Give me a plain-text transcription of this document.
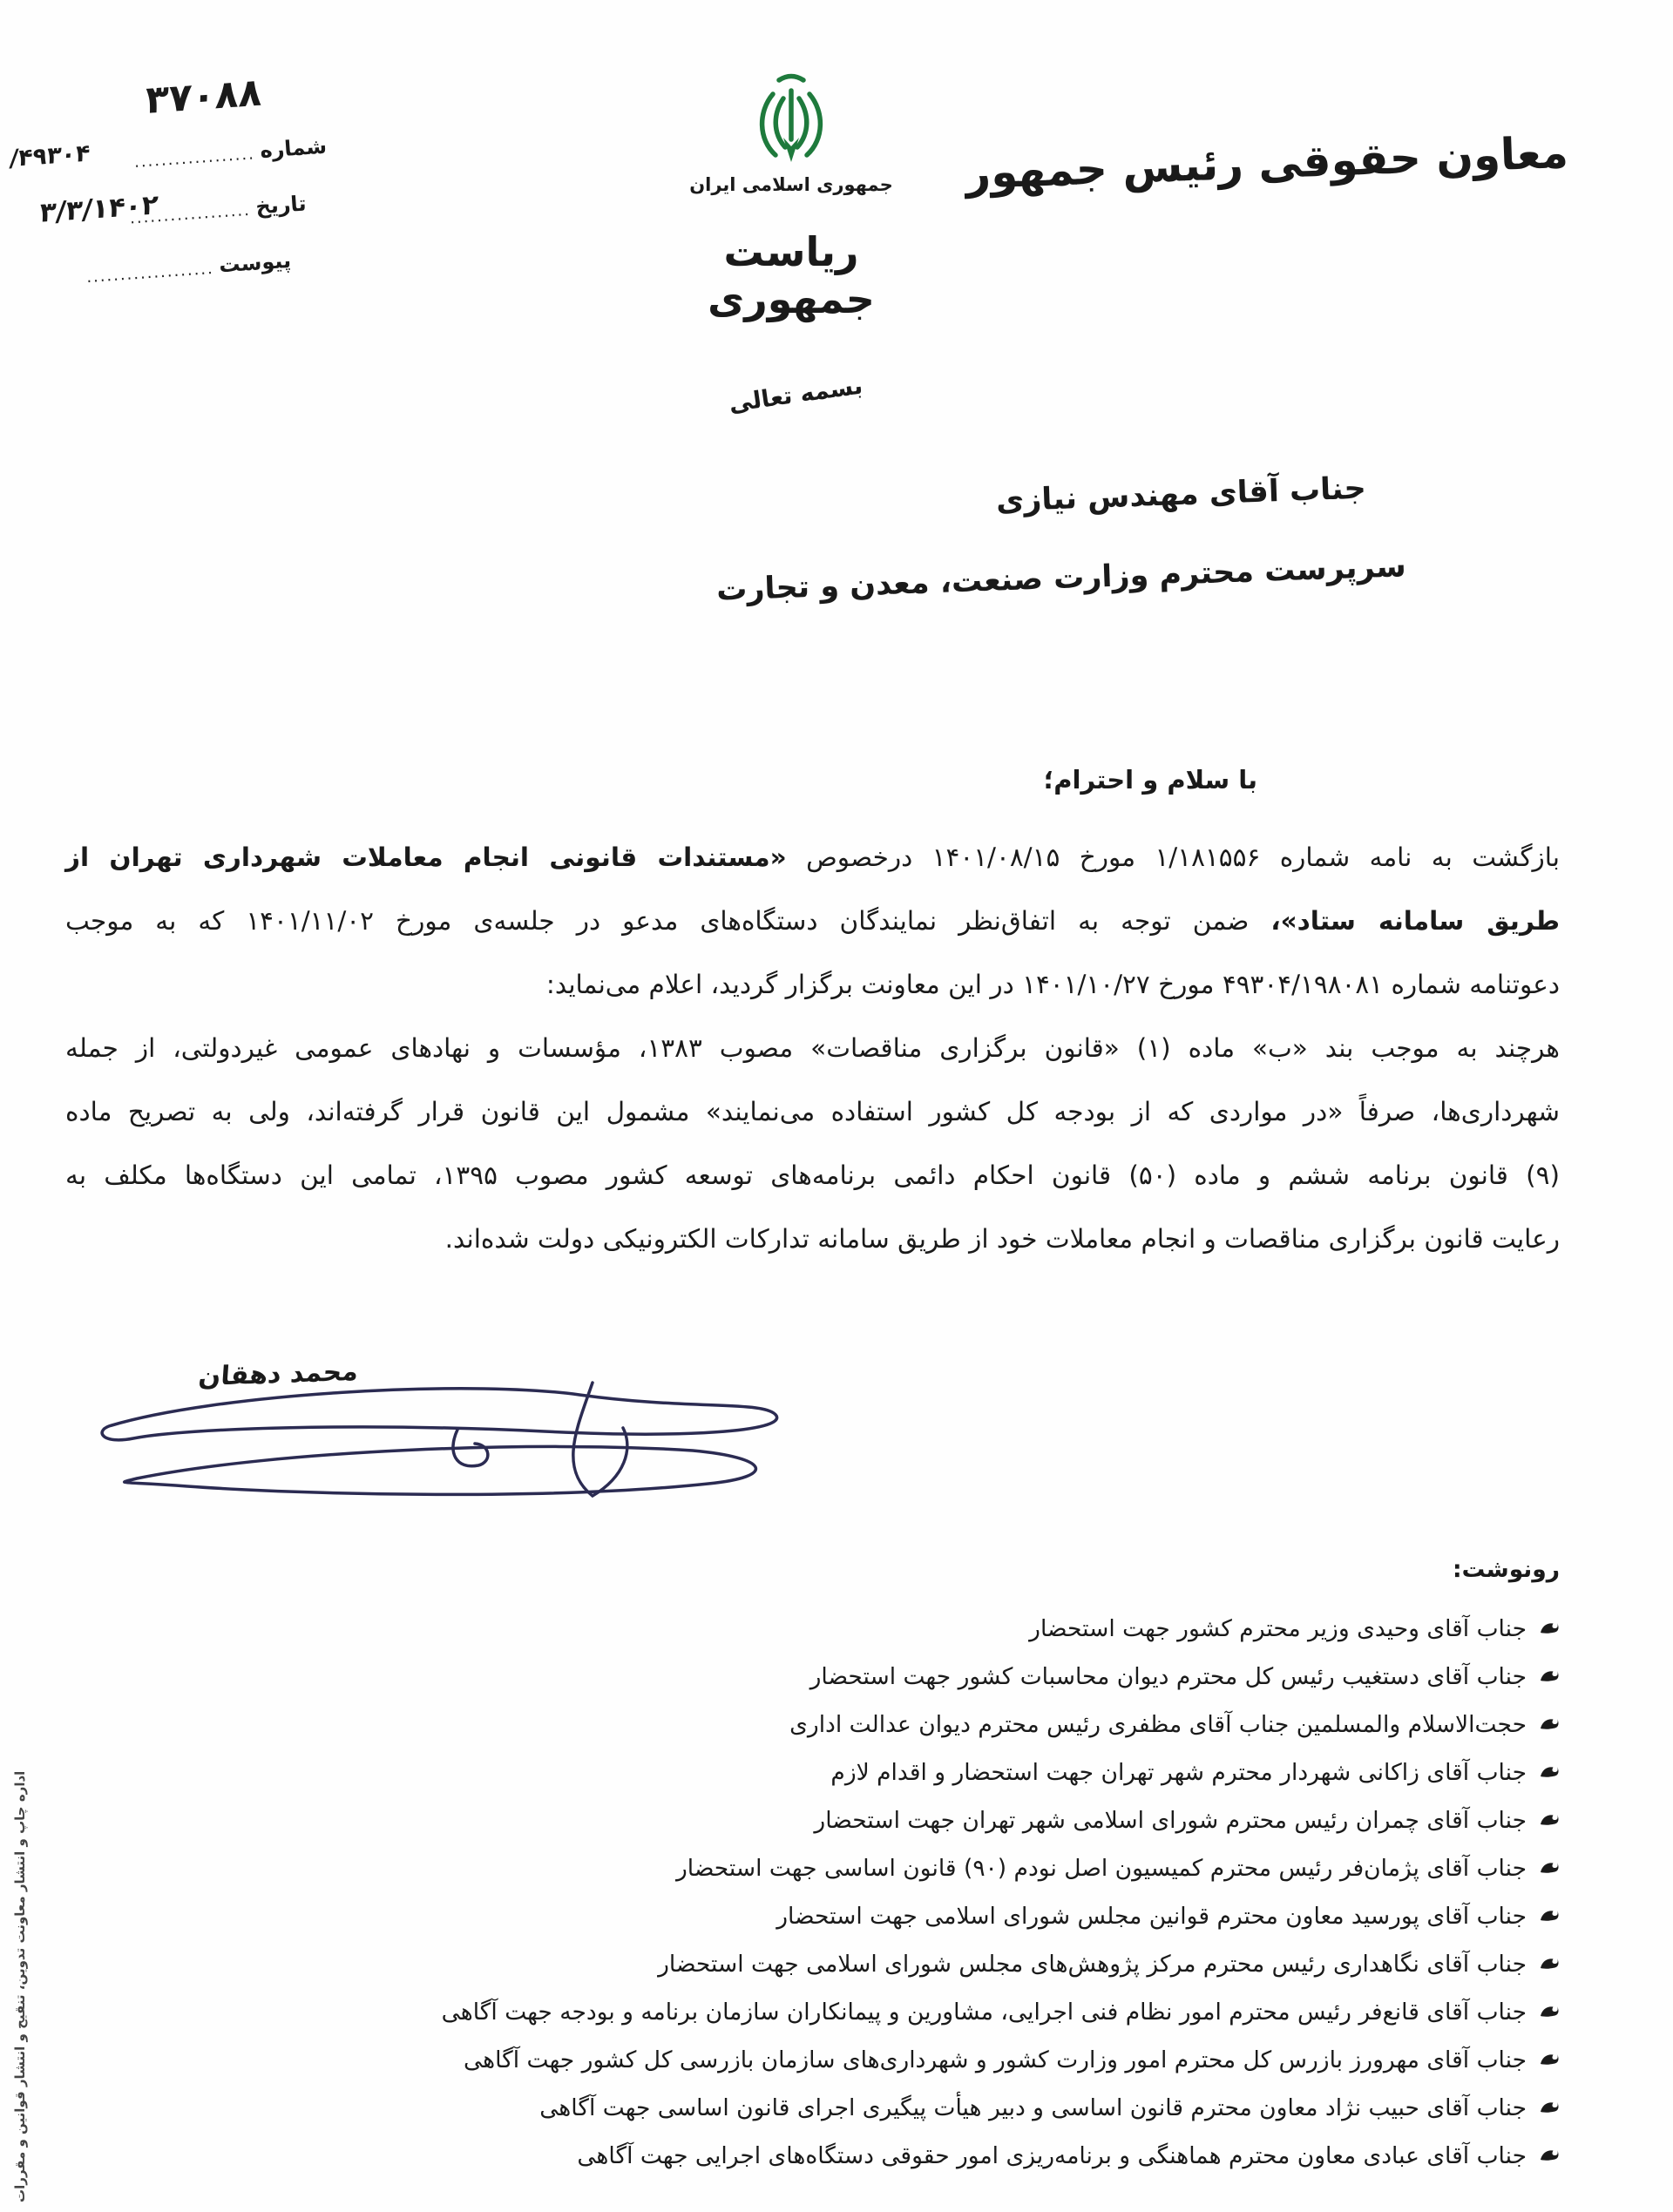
۳۷۰۸۸
شماره
..................
۴۹۳۰۴/
تاریخ
..................
۳/۳/۱۴۰۲
پیوست
...................
جمهوری اسلامی ایران
ریاست جمهوری
معاون حقوقی رئیس جمهور
بسمه تعالی
جناب آقای مهندس نیازی
سرپرست محترم وزارت صنعت، معدن و تجارت
با سلام و احترام؛
بازگشت به نامه شماره ۱/۱۸۱۵۵۶ مورخ ۱۴۰۱/۰۸/۱۵ درخصوص «مستندات قانونی انجام معاملات شهرداری تهران از
طریق سامانه ستاد»، ضمن توجه به اتفاق‌نظر نمایندگان دستگاه‌های مدعو در جلسه‌ی مورخ ۱۴۰۱/۱۱/۰۲ که به موجب
دعوتنامه شماره ۴۹۳۰۴/۱۹۸۰۸۱ مورخ ۱۴۰۱/۱۰/۲۷ در این معاونت برگزار گردید، اعلام می‌نماید:
هرچند به موجب بند «ب» ماده (۱) «قانون برگزاری مناقصات» مصوب ۱۳۸۳، مؤسسات و نهادهای عمومی غیردولتی، از جمله
شهرداری‌ها، صرفاً «در مواردی که از بودجه کل کشور استفاده می‌نمایند» مشمول این قانون قرار گرفته‌اند، ولی به تصریح ماده
(۹) قانون برنامه ششم و ماده (۵۰) قانون احکام دائمی برنامه‌های توسعه کشور مصوب ۱۳۹۵، تمامی این دستگاه‌ها مکلف به
رعایت قانون برگزاری مناقصات و انجام معاملات خود از طریق سامانه تدارکات الکترونیکی دولت شده‌اند.
محمد دهقان
رونوشت:
جناب آقای وحیدی وزیر محترم کشور جهت استحضار
جناب آقای دستغیب رئیس کل محترم دیوان محاسبات کشور جهت استحضار
حجت‌الاسلام والمسلمین جناب آقای مظفری رئیس محترم دیوان عدالت اداری
جناب آقای زاکانی شهردار محترم شهر تهران جهت استحضار و اقدام لازم
جناب آقای چمران رئیس محترم شورای اسلامی شهر تهران جهت استحضار
جناب آقای پژمان‌فر رئیس محترم کمیسیون اصل نودم (۹۰) قانون اساسی جهت استحضار
جناب آقای پورسید معاون محترم قوانین مجلس شورای اسلامی جهت استحضار
جناب آقای نگاهداری رئیس محترم مرکز پژوهش‌های مجلس شورای اسلامی جهت استحضار
جناب آقای قانع‌فر رئیس محترم امور نظام فنی اجرایی، مشاورین و پیمانکاران سازمان برنامه و بودجه جهت آگاهی
جناب آقای مهرورز بازرس کل محترم امور وزارت کشور و شهرداری‌های سازمان بازرسی کل کشور جهت آگاهی
جناب آقای حبیب نژاد معاون محترم قانون اساسی و دبیر هیأت پیگیری اجرای قانون اساسی جهت آگاهی
جناب آقای عبادی معاون محترم هماهنگی و برنامه‌ریزی امور حقوقی دستگاه‌های اجرایی جهت آگاهی
اداره چاپ و انتشار معاونت تدوین، تنقیح و انتشار قوانین و مقررات
